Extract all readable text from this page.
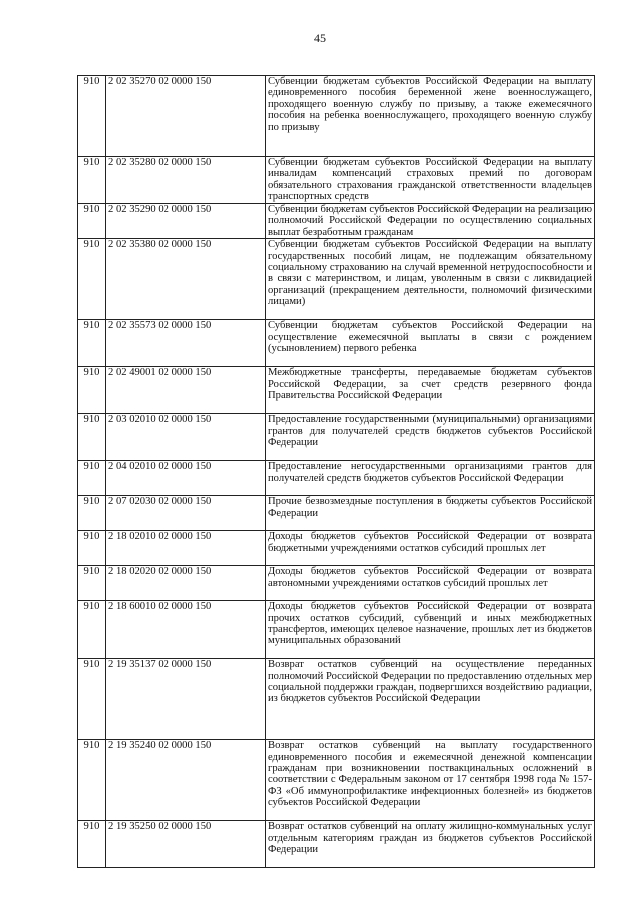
45
910	2 02 35270 02 0000 150	Субвенции бюджетам субъектов Российской Федерации на выплату единовременного пособия беременной жене военнослужащего, проходящего военную службу по призыву, а также ежемесячного пособия на ребенка военнослужащего, проходящего военную службу по призыву
910	2 02 35280 02 0000 150	Субвенции бюджетам субъектов Российской Федерации на выплату инвалидам компенсаций страховых премий по договорам обязательного страхования гражданской ответственности владельцев транспортных средств
910	2 02 35290 02 0000 150	Субвенции бюджетам субъектов Российской Федерации на реализацию полномочий Российской Федерации по осуществлению социальных выплат безработным гражданам
910	2 02 35380 02 0000 150	Субвенции бюджетам субъектов Российской Федерации на выплату государственных пособий лицам, не подлежащим обязательному социальному страхованию на случай временной нетрудоспособности и в связи с материнством, и лицам, уволенным в связи с ликвидацией организаций (прекращением деятельности, полномочий физическими лицами)
910	2 02 35573 02 0000 150	Субвенции бюджетам субъектов Российской Федерации на осуществление ежемесячной выплаты в связи с рождением (усыновлением) первого ребенка
910	2 02 49001 02 0000 150	Межбюджетные трансферты, передаваемые бюджетам субъектов Российской Федерации, за счет средств резервного фонда Правительства Российской Федерации
910	2 03 02010 02 0000 150	Предоставление государственными (муниципальными) организациями грантов для получателей средств бюджетов субъектов Российской Федерации
910	2 04 02010 02 0000 150	Предоставление негосударственными организациями грантов для получателей средств бюджетов субъектов Российской Федерации
910	2 07 02030 02 0000 150	Прочие безвозмездные поступления в бюджеты субъектов Российской Федерации
910	2 18 02010 02 0000 150	Доходы бюджетов субъектов Российской Федерации от возврата бюджетными учреждениями остатков субсидий прошлых лет
910	2 18 02020 02 0000 150	Доходы бюджетов субъектов Российской Федерации от возврата автономными учреждениями остатков субсидий прошлых лет
910	2 18 60010 02 0000 150	Доходы бюджетов субъектов Российской Федерации от возврата прочих остатков субсидий, субвенций и иных межбюджетных трансфертов, имеющих целевое назначение, прошлых лет из бюджетов муниципальных образований
910	2 19 35137 02 0000 150	Возврат остатков субвенций на осуществление переданных полномочий Российской Федерации по предоставлению отдельных мер социальной поддержки граждан, подвергшихся воздействию радиации, из бюджетов субъектов Российской Федерации
910	2 19 35240 02 0000 150	Возврат остатков субвенций на выплату государственного единовременного пособия и ежемесячной денежной компенсации гражданам при возникновении поствакцинальных осложнений в соответствии с Федеральным законом от 17 сентября 1998 года № 157-ФЗ «Об иммунопрофилактике инфекционных болезней» из бюджетов субъектов Российской Федерации
910	2 19 35250 02 0000 150	Возврат остатков субвенций на оплату жилищно-коммунальных услуг отдельным категориям граждан из бюджетов субъектов Российской Федерации
